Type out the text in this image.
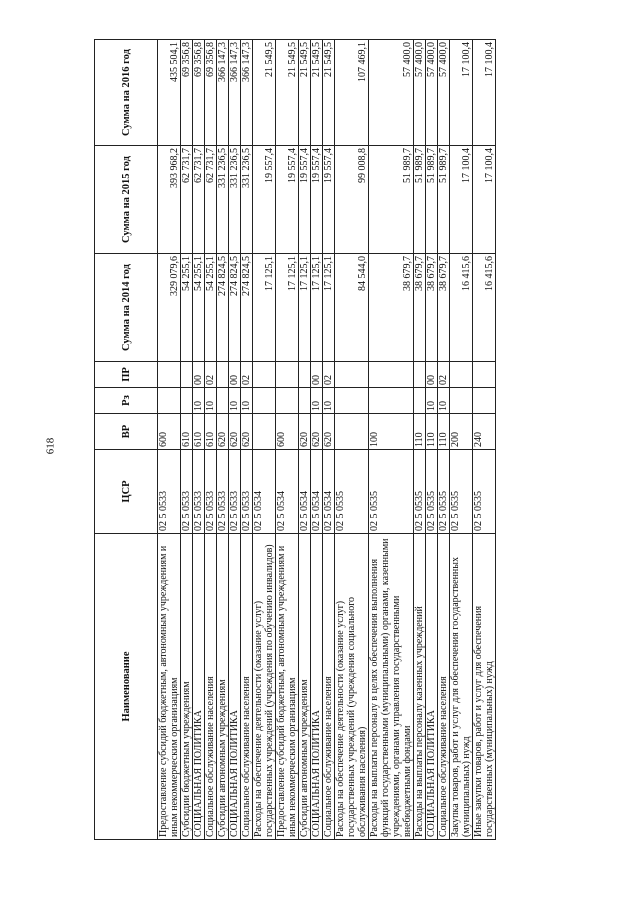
618
Наименование	ЦСР	ВР	Рз	ПР	Сумма на 2014 год	Сумма на 2015 год	Сумма на 2016 год
Предоставление субсидий бюджетным, автономным учреждениям и иным некоммерческим организациям	02 5 0533	600			329 079,6	393 968,2	435 504,1
Субсидии бюджетным учреждениям	02 5 0533	610			54 255,1	62 731,7	69 356,8
СОЦИАЛЬНАЯ ПОЛИТИКА	02 5 0533	610	10	00	54 255,1	62 731,7	69 356,8
Социальное обслуживание населения	02 5 0533	610	10	02	54 255,1	62 731,7	69 356,8
Субсидии автономным учреждениям	02 5 0533	620			274 824,5	331 236,5	366 147,3
СОЦИАЛЬНАЯ ПОЛИТИКА	02 5 0533	620	10	00	274 824,5	331 236,5	366 147,3
Социальное обслуживание населения	02 5 0533	620	10	02	274 824,5	331 236,5	366 147,3
Расходы на обеспечение деятельности (оказание услуг) государственных учреждений (учреждения по обучению инвалидов)	02 5 0534				17 125,1	19 557,4	21 549,5
Предоставление субсидий бюджетным, автономным учреждениям и иным некоммерческим организациям	02 5 0534	600			17 125,1	19 557,4	21 549,5
Субсидии автономным учреждениям	02 5 0534	620			17 125,1	19 557,4	21 549,5
СОЦИАЛЬНАЯ ПОЛИТИКА	02 5 0534	620	10	00	17 125,1	19 557,4	21 549,5
Социальное обслуживание населения	02 5 0534	620	10	02	17 125,1	19 557,4	21 549,5
Расходы на обеспечение деятельности (оказание услуг) государственных учреждений (учреждения социального обслуживания населения)	02 5 0535				84 544,0	99 008,8	107 469,1
Расходы на выплаты персоналу в целях обеспечения выполнения функций государственными (муниципальными) органами, казенными учреждениями, органами управления государственными внебюджетными фондами	02 5 0535	100			38 679,7	51 989,7	57 400,0
Расходы на выплаты персоналу казенных учреждений	02 5 0535	110			38 679,7	51 989,7	57 400,0
СОЦИАЛЬНАЯ ПОЛИТИКА	02 5 0535	110	10	00	38 679,7	51 989,7	57 400,0
Социальное обслуживание населения	02 5 0535	110	10	02	38 679,7	51 989,7	57 400,0
Закупка товаров, работ и услуг для обеспечения государственных (муниципальных) нужд	02 5 0535	200			16 415,6	17 100,4	17 100,4
Иные закупки товаров, работ и услуг для обеспечения государственных (муниципальных) нужд	02 5 0535	240			16 415,6	17 100,4	17 100,4
